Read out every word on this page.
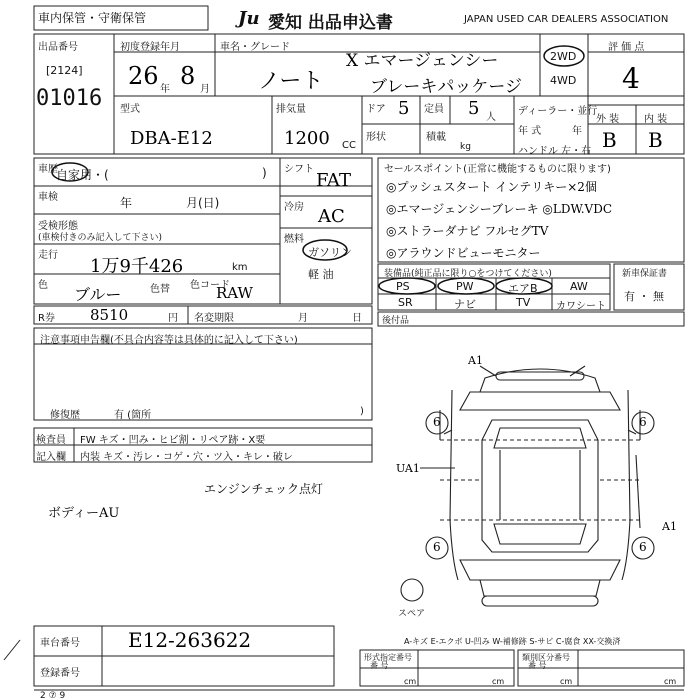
車内保管・守衛保管	Ju 愛知 出品申込書	JAPAN USED CAR DEALERS ASSOCIATION
出品番号
[2124]
01016
初度登録年月
26 年 8 月
車名・グレード
ノート
X エマージェンシー
ブレーキパッケージ
2WD
4WD
評 価 点
4
型式
DBA-E12
排気量
1200 CC
ドア 5 定員 5 人
形状	積載
kg
ディーラー・並行
年 式	年
ハンドル 左・右
外 装 内 装
B B
車歴
自家用・(	)
車検	年	月(日)
受検形態
(車検付きのみ記入して下さい)
走行
1万9千426	km
色 ブルー	色替 色コード
RAW
シフト
FAT
冷房 AC
燃料
ガソリン
軽 油
R券 8510	円 名変期限	月	日
セールスポイント(正常に機能するものに限ります)
◎プッシュスタート インテリキー×2個
◎エマージェンシーブレーキ ◎LDW.VDC
◎ストラーダナビ フルセグTV
◎アラウンドビューモニター
装備品(純正品に限り○をつけてください)
PS	PW	エアB	AW
SR	ナビ	TV	カワシート
新車保証書
有 ・ 無
後付品
注意事項申告欄(不具合内容等は具体的に記入して下さい)
修復歴	有 (箇所	)
検査員
記入欄
FW キズ・凹み・ヒビ割・リペア跡・X要
内装 キズ・汚レ・コゲ・穴・ツ入・キレ・破レ
エンジンチェック点灯
ボディーAU
A1
UA1
A1
6	6
6	6
スペア
A-キズ E-エクボ U-凹み W-補修跡 S-サビ C-腐食 XX-交換済
車台番号 E12-263622
登録番号
形式指定番号
番 号
類別区分番号
番 号
cm	cm	cm	cm
2 ⑦ 9
